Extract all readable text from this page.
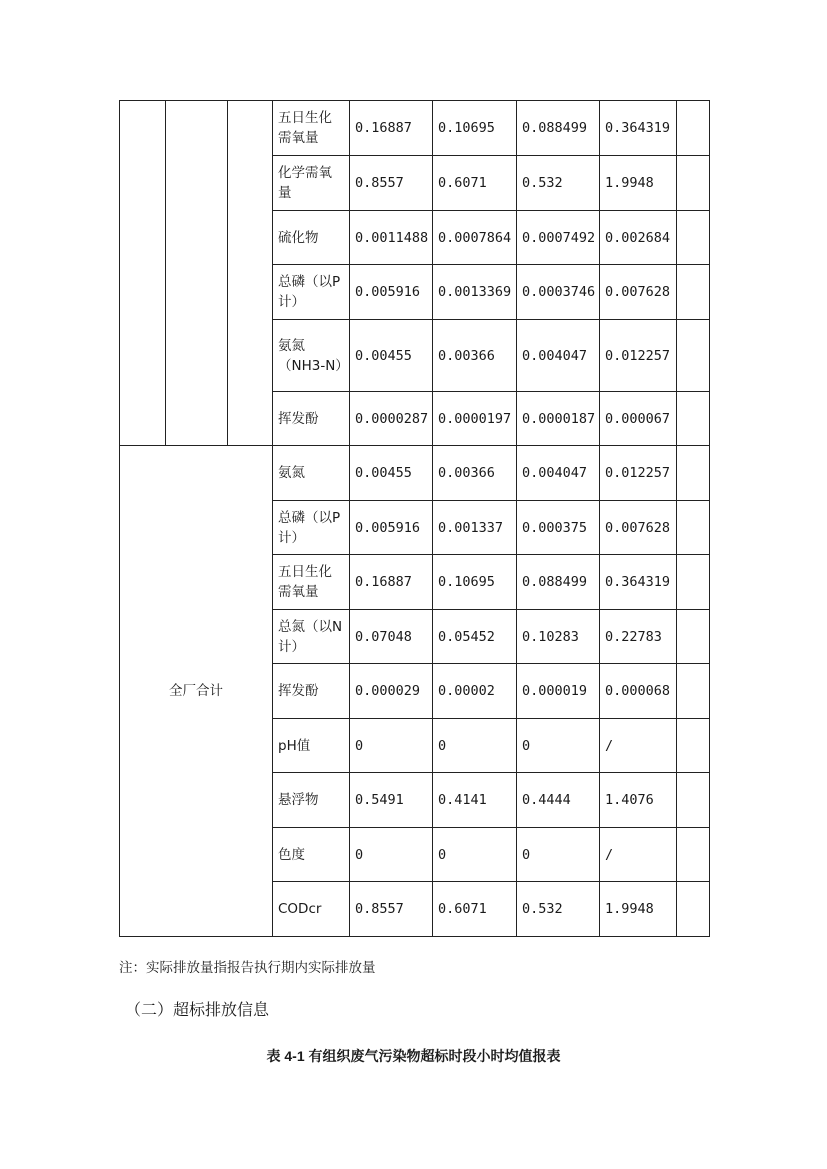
			五日生化需氧量	0.16887	0.10695	0.088499	0.364319	
			化学需氧量	0.8557	0.6071	0.532	1.9948	
			硫化物	0.0011488	0.0007864	0.0007492	0.002684	
			总磷（以P计）	0.005916	0.0013369	0.0003746	0.007628	
			氨氮（NH3-N）	0.00455	0.00366	0.004047	0.012257	
			挥发酚	0.0000287	0.0000197	0.0000187	0.000067	
全厂合计			氨氮	0.00455	0.00366	0.004047	0.012257	
			总磷（以P计）	0.005916	0.001337	0.000375	0.007628	
			五日生化需氧量	0.16887	0.10695	0.088499	0.364319	
			总氮（以N计）	0.07048	0.05452	0.10283	0.22783	
			挥发酚	0.000029	0.00002	0.000019	0.000068	
			pH值	0	0	0	/	
			悬浮物	0.5491	0.4141	0.4444	1.4076	
			色度	0	0	0	/	
			CODcr	0.8557	0.6071	0.532	1.9948	
注：实际排放量指报告执行期内实际排放量
（二）超标排放信息
表 4-1 有组织废气污染物超标时段小时均值报表
